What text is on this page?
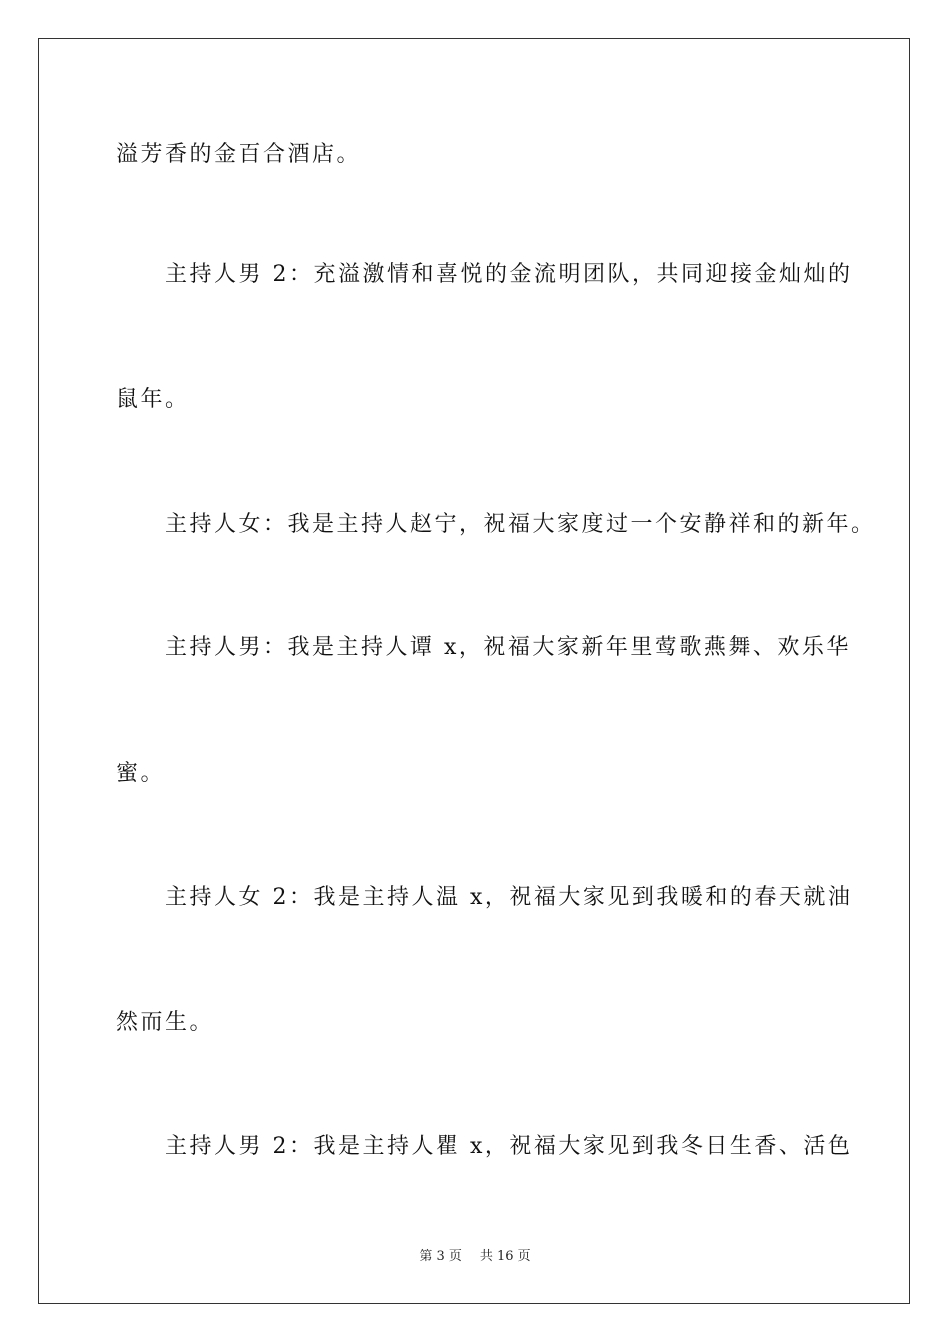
溢芳香的金百合酒店。

主持人男 2：充溢激情和喜悦的金流明团队，共同迎接金灿灿的

鼠年。

主持人女：我是主持人赵宁，祝福大家度过一个安静祥和的新年。

主持人男：我是主持人谭 x，祝福大家新年里莺歌燕舞、欢乐华

蜜。

主持人女 2：我是主持人温 x，祝福大家见到我暖和的春天就油

然而生。

主持人男 2：我是主持人瞿 x，祝福大家见到我冬日生香、活色

第 3 页 共 16 页
